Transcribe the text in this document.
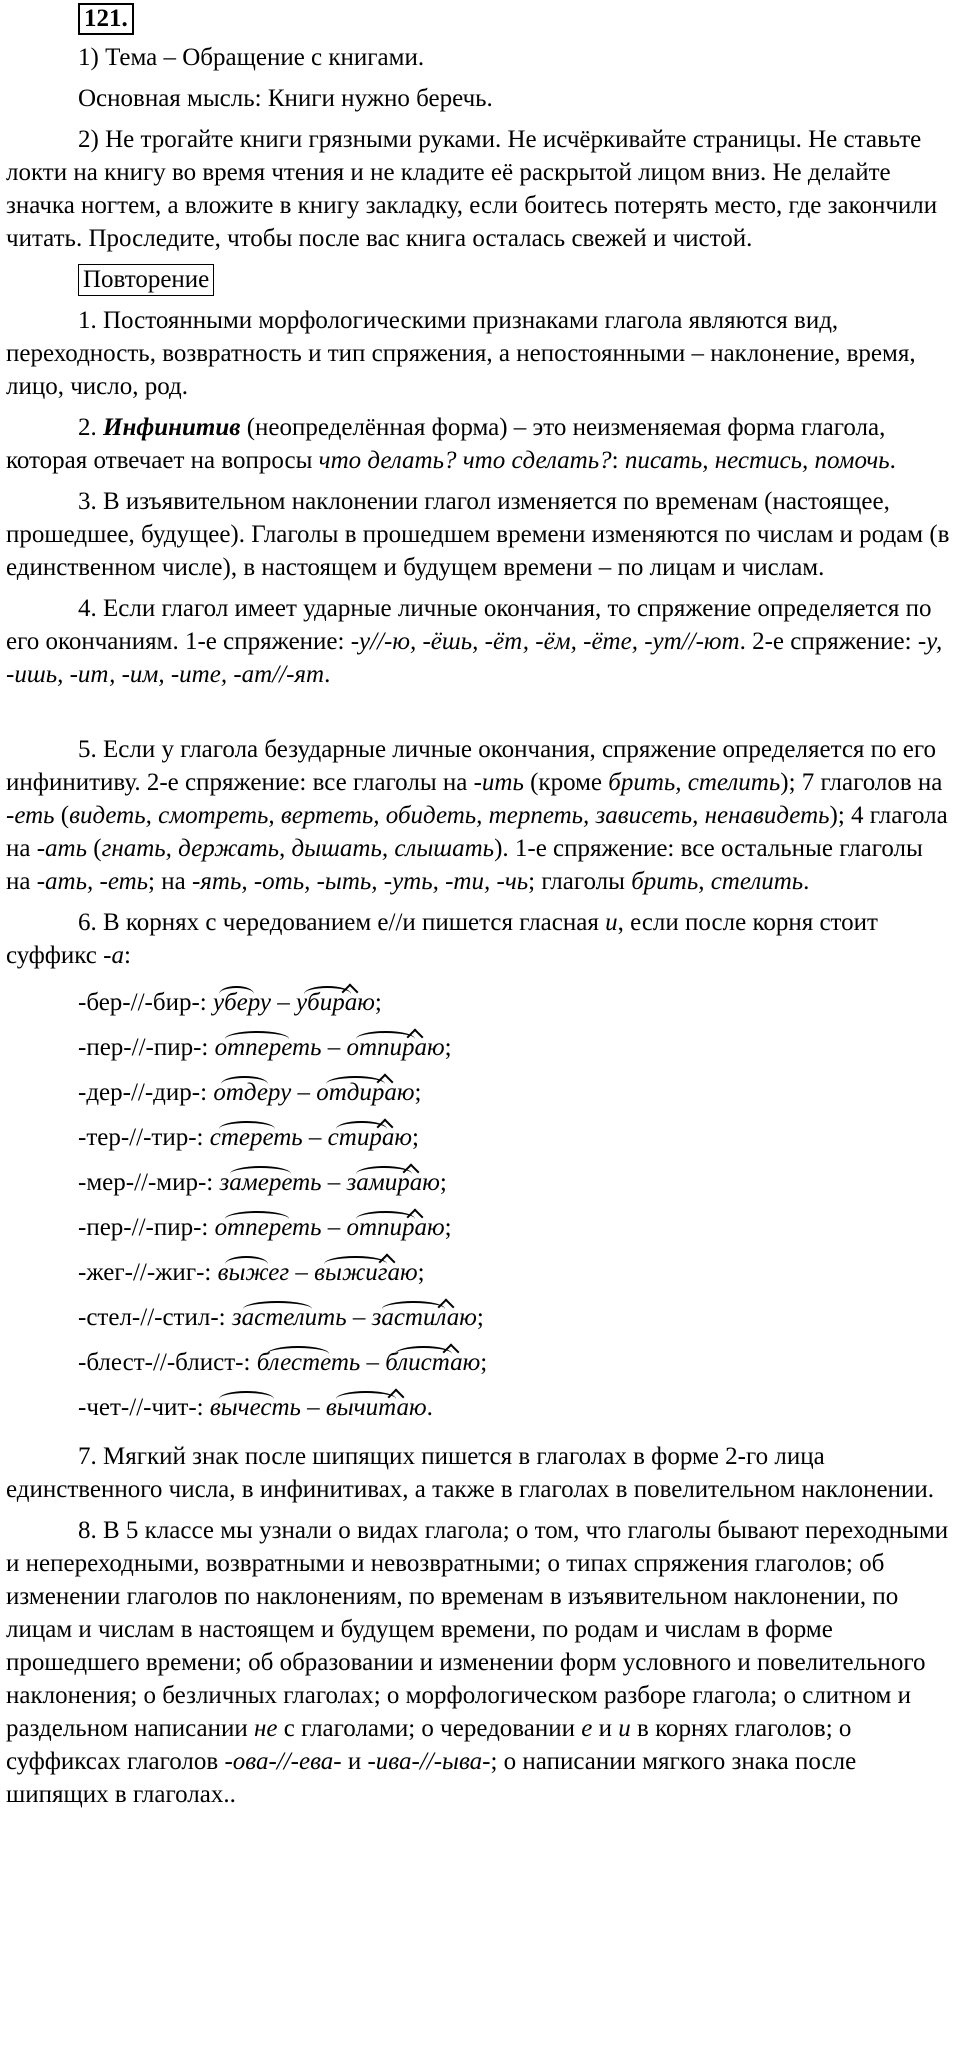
121.

1) Тема – Обращение с книгами.

Основная мысль: Книги нужно беречь.

2) Не трогайте книги грязными руками. Не исчёркивайте страницы. Не ставьте локти на книгу во время чтения и не кладите её раскрытой лицом вниз. Не делайте значка ногтем, а вложите в книгу закладку, если боитесь потерять место, где закончили читать. Проследите, чтобы после вас книга осталась свежей и чистой.

Повторение

1. Постоянными морфологическими признаками глагола являются вид, переходность, возвратность и тип спряжения, а непостоянными – наклонение, время, лицо, число, род.

2. Инфинитив (неопределённая форма) – это неизменяемая форма глагола, которая отвечает на вопросы что делать? что сделать?: писать, нестись, помочь.

3. В изъявительном наклонении глагол изменяется по временам (настоящее, прошедшее, будущее). Глаголы в прошедшем времени изменяются по числам и родам (в единственном числе), в настоящем и будущем времени – по лицам и числам.

4. Если глагол имеет ударные личные окончания, то спряжение определяется по его окончаниям. 1-е спряжение: -у//-ю, -ёшь, -ёт, -ём, -ёте, -ут//-ют. 2-е спряжение: -у, -ишь, -ит, -им, -ите, -ат//-ят.

5. Если у глагола безударные личные окончания, спряжение определяется по его инфинитиву. 2-е спряжение: все глаголы на -ить (кроме брить, стелить); 7 глаголов на -еть (видеть, смотреть, вертеть, обидеть, терпеть, зависеть, ненавидеть); 4 глагола на -ать (гнать, держать, дышать, слышать). 1-е спряжение: все остальные глаголы на -ать, -еть; на -ять, -оть, -ыть, -уть, -ти, -чь; глаголы брить, стелить.

6. В корнях с чередованием е//и пишется гласная и, если после корня стоит суффикс -а:

-бер-//-бир-: уберу
– убираю
;
-пер-//-пир-: отпереть
– отпираю
;
-дер-//-дир-: отдеру
– отдираю
;
-тер-//-тир-: стереть
– стираю
;
-мер-//-мир-: замереть
– замираю
;
-пер-//-пир-: отпереть
– отпираю
;
-жег-//-жиг-: выжег
– выжигаю
;
-стел-//-стил-: застелить
– застилаю
;
-блест-//-блист-: блестеть
– блистаю
;
-чет-//-чит-: вычесть
– вычитаю
.

7. Мягкий знак после шипящих пишется в глаголах в форме 2-го лица единственного числа, в инфинитивах, а также в глаголах в повелительном наклонении.

8. В 5 классе мы узнали о видах глагола; о том, что глаголы бывают переходными и непереходными, возвратными и невозвратными; о типах спряжения глаголов; об изменении глаголов по наклонениям, по временам в изъявительном наклонении, по лицам и числам в настоящем и будущем времени, по родам и числам в форме прошедшего времени; об образовании и изменении форм условного и повелительного наклонения; о безличных глаголах; о морфологическом разборе глагола; о слитном и раздельном написании не с глаголами; о чередовании е и и в корнях глаголов; о суффиксах глаголов -ова-//-ева- и -ива-//-ыва-; о написании мягкого знака после шипящих в глаголах..
